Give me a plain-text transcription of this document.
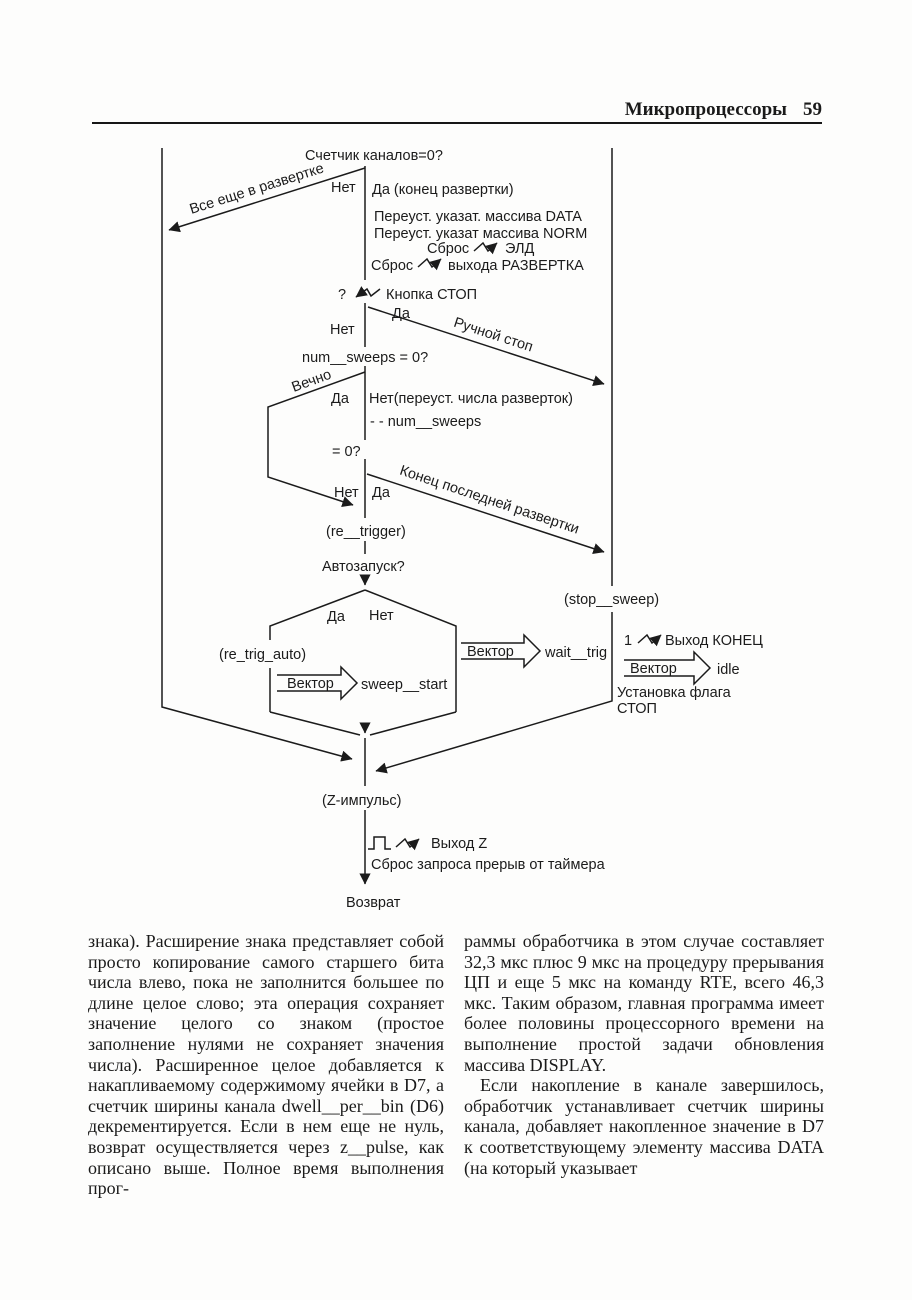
Микропроцессоры 59
Счетчик каналов=0?
Все еще в развертке Нет Да (конец развертки)
Переуст. указат. массива DATA
Переуст. указат массива NORM
Сброс ЭЛД
Сброс выхода РАЗВЕРТКА
?	Кнопка СТОП
Да
Ручной стоп
Нет
num__sweeps = 0?
Вечно
Да Нет(переуст. числа разверток)
- - num__sweeps
= 0?
Нет Да Конец последней развертки
(re__trigger)
Автозапуск?
(stop__sweep)
Да Нет
(re_trig_auto)
Вектор sweep__start
Вектор wait__trig
1 Выход КОНЕЦ
Вектор	idle
Установка флага
СТОП
(Z-импульс)
Выход Z
Сброс запроса прерыв от таймера
Возврат

знака). Расширение знака представляет собой просто копирование самого старшего бита числа влево, пока не заполнится большее по длине целое слово; эта операция сохраняет значение целого со знаком (простое заполнение нулями не сохраняет значения числа). Расширенное целое добавляется к накапливаемому содержимому ячейки в D7, а счетчик ширины канала dwell__per__bin (D6) декрементируется. Если в нем еще не нуль, возврат осуществляется через z__pulse, как описано выше. Полное время выполнения прог-

раммы обработчика в этом случае составляет 32,3 мкс плюс 9 мкс на процедуру прерывания ЦП и еще 5 мкс на команду RTE, всего 46,3 мкс. Таким образом, главная программа имеет более половины процессорного времени на выполнение простой задачи обновления массива DISPLAY.

Если накопление в канале завершилось, обработчик устанавливает счетчик ширины канала, добавляет накопленное значение в D7 к соответствующему элементу массива DATA (на который указывает
